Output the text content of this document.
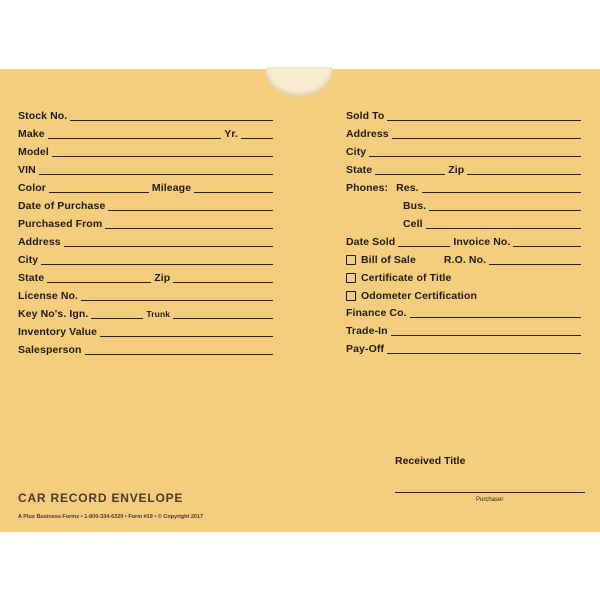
Stock No.
Make	Yr.
Model
VIN
Color	Mileage
Date of Purchase
Purchased From
Address
City
State	Zip
License No.
Key No's. Ign.	Trunk
Inventory Value
Salesperson
Sold To
Address
City
State	Zip
Phones: Res.
Bus.
Cell
Date Sold	Invoice No.
Bill of Sale	R.O. No.
Certificate of Title
Odometer Certification
Finance Co.
Trade-In
Pay-Off
Received Title
Purchaser
CAR RECORD ENVELOPE
A Plus Business Forms • 1-800-334-6329 • Form #19 • © Copyright 2017
